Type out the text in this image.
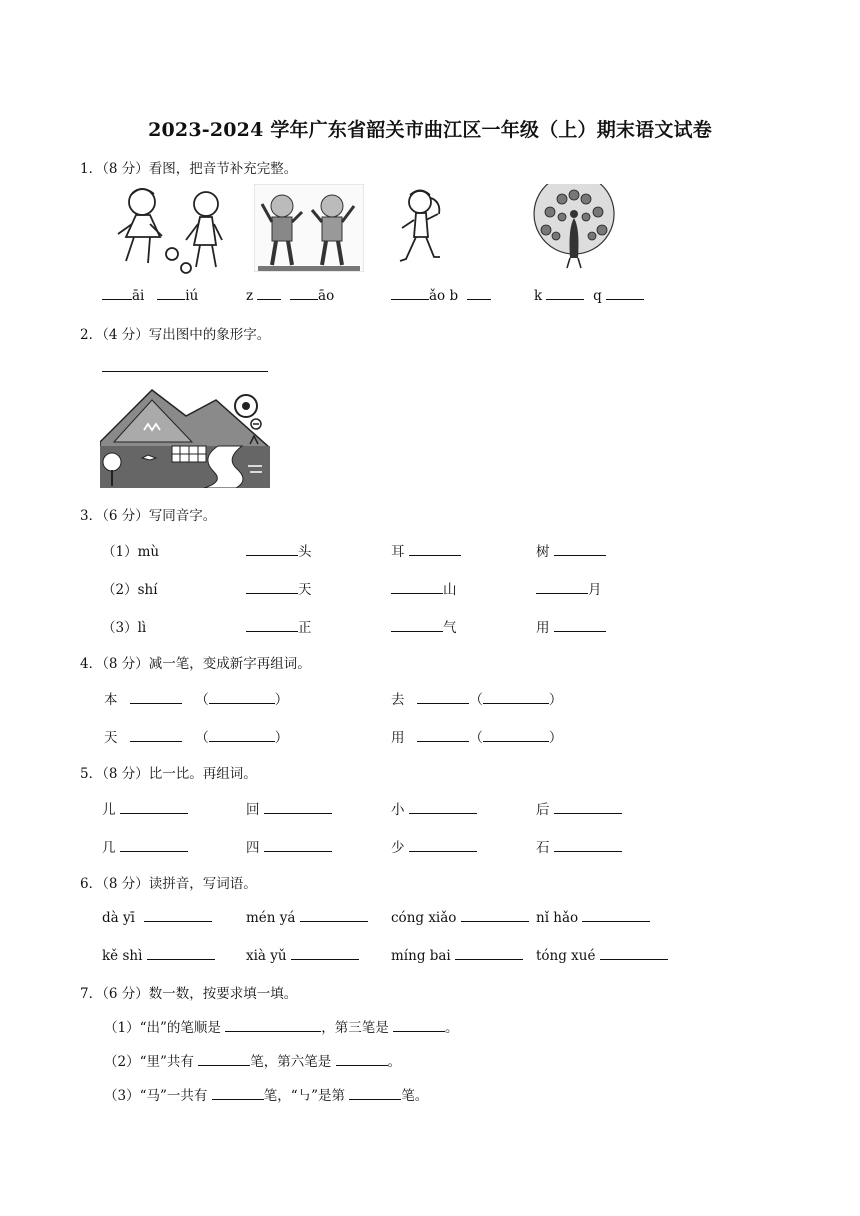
2023-2024 学年广东省韶关市曲江区一年级（上）期末语文试卷
1．（8 分）看图，把音节补充完整。
āi	iú	z	āo	ǎo b	k	q
2．（4 分）写出图中的象形字。
3．（6 分）写同音字。
（1）mù	头	耳	树
（2）shí	天	山	月
（3）lì	正	气	用
4．（8 分）减一笔，变成新字再组词。
本	（	）	去	（	）
天	（	）	用	（	）
5．（8 分）比一比。再组词。
儿	回	小	后
几	四	少	石
6．（8 分）读拼音，写词语。
dà yī	mén yá	cóng xiǎo	nǐ hǎo
kě shì	xià yǔ	míng bai	tóng xué
7．（6 分）数一数，按要求填一填。
（1）“出”的笔顺是	，第三笔是	。
（2）“里”共有	笔，第六笔是	。
（3）“马”一共有	笔，“㇉”是第	笔。
